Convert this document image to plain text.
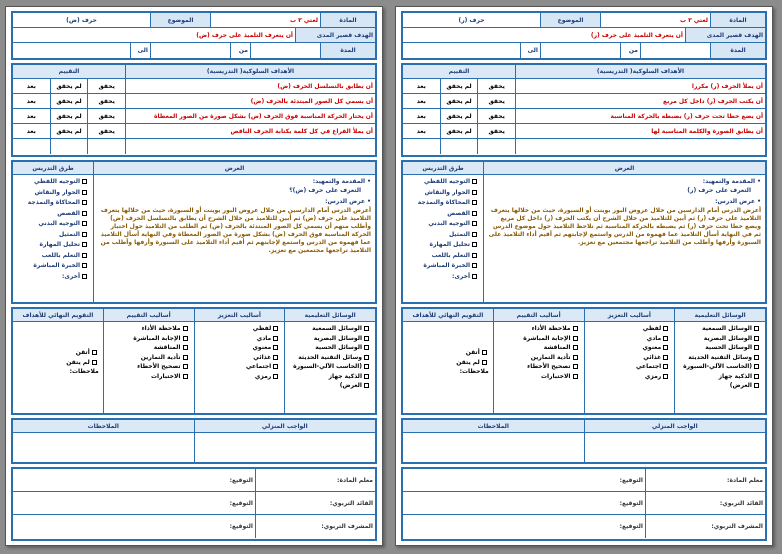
المادة
لغتي ٣ ب
الموضوع
حرف (ر)
الهدف قصير المدى
أن يتعرف التلميذ على حرف (ر)
المدة
من
الى
الأهداف السلوكية( التدريسية)
التقييم
أن يملأ الحرف (ر) مكررا
يحقق
لم يحقق
بعد
أن يكتب الحرف (ر) داخل كل مربع
يحقق
لم يحقق
بعد
أن يضع خطا تحت حرف (ر) بضبطه بالحركة المناسبة
يحقق
لم يحقق
بعد
أن يطابق الصورة والكلمة المناسبة لها
يحقق
لم يحقق
بعد
العرض
طرق التدريس
• المقدمة والتمهيد:
التعرف على حرف (ر)
• عرض الدرس:
أعرض الدرس أمام الدارسين من خلال عروض البور بوينت أو السبورة، حيث من خلالها يتعرف التلاميذ على حرف (ر) ثم أبين للتلاميذ من خلال الشرح أن يكتب الحرف (ر) داخل كل مربع ويضع خطا تحت حرف (ر) ثم يضبطه بالحركة المناسبة ثم نلاحظ التلاميذ حول موضوع الدرس ثم في النهاية أسأل التلاميذ عما فهموه من الدرس واستمع لإجابتهم ثم أقيم أداء التلاميذ على السبورة وأرفها وأطلب من التلاميذ تراجعها مجتمعين مع تعزيز.
التوجيه اللفظي
الحوار والنقاش
المحاكاة والنمذجة
القصص
التوجيه البدني
التمثيل
تحليل المهارة
التعلم باللعب
الخبرة المباشرة
أخرى:
الوسائل التعليمية
أساليب التعزيز
أساليب التقييم
التقويم النهائي للأهداف
الوسائل السمعية
الوسائل البصرية
الوسائل الحسية
وسائل التقنية الحديثة
(الحاسب الآلي-السبورة
الذكية جهاز
العرض)
لفظي
مادي
معنوي
غذائي
اجتماعي
رمزي
ملاحظة الأداء
الإجابة المباشرة
المناقشة
تأدية التمارين
تصحيح الأخطاء
الاختبارات
أتقن
لم يتقن
ملاحظات:
الواجب المنزلي
الملاحظات
معلم المادة:
التوقيع:
القائد التربوي:
التوقيع:
المشرف التربوي:
التوقيع:
المادة
لغتي ٣ ب
الموضوع
حرف (ض)
الهدف قصير المدى
أن يتعرف التلميذ على حرف (ض)
المدة
من
الى
الأهداف السلوكية( التدريسية)
التقييم
أن يطابق بالتسلسل الحرف (ض)
يحقق
لم يحقق
بعد
أن يسمي كل الصور المبتدئة بالحرف (ض)
يحقق
لم يحقق
بعد
أن يختار الحركة المناسبة فوق الحرف (ض) بشكل صورة من الصور المعطاة
يحقق
لم يحقق
بعد
أن يملأ الفراغ في كل كلمة بكتابة الحرف الناقص
يحقق
لم يحقق
بعد
العرض
طرق التدريس
• المقدمة والتمهيد:
التعرف على حرف (ض)؟
• عرض الدرس:
أعرض الدرس أمام الدارسين من خلال عروض البور بوينت أو السبورة، حيث من خلالها يتعرف التلاميذ على حرف (ض) ثم أبين للتلاميذ من خلال الشرح أن يطابق بالتسلسل الحرف (ض) وأطلب منهم أن يسمي كل الصور المبتدئة بالحرف (ض) ثم الطلب من التلاميذ حول اختيار الحركة المناسبة فوق الحرف (ض) بشكل صورة من الصور المعطاة وفي النهاية أسأل التلاميذ عما فهموه من الدرس واستمع لإجابتهم ثم أقيم أداء التلاميذ على السبورة وأرفها وأطلب من التلاميذ تراجعها مجتمعين مع تعزيز.
التوجيه اللفظي
الحوار والنقاش
المحاكاة والنمذجة
القصص
التوجيه البدني
التمثيل
تحليل المهارة
التعلم باللعب
الخبرة المباشرة
أخرى:
الوسائل التعليمية
أساليب التعزيز
أساليب التقييم
التقويم النهائي للأهداف
الوسائل السمعية
الوسائل البصرية
الوسائل الحسية
وسائل التقنية الحديثة
(الحاسب الآلي-السبورة
الذكية جهاز
العرض)
لفظي
مادي
معنوي
غذائي
اجتماعي
رمزي
ملاحظة الأداء
الإجابة المباشرة
المناقشة
تأدية التمارين
تصحيح الأخطاء
الاختبارات
أتقن
لم يتقن
ملاحظات:
الواجب المنزلي
الملاحظات
معلم المادة:
التوقيع:
القائد التربوي:
التوقيع:
المشرف التربوي:
التوقيع:
